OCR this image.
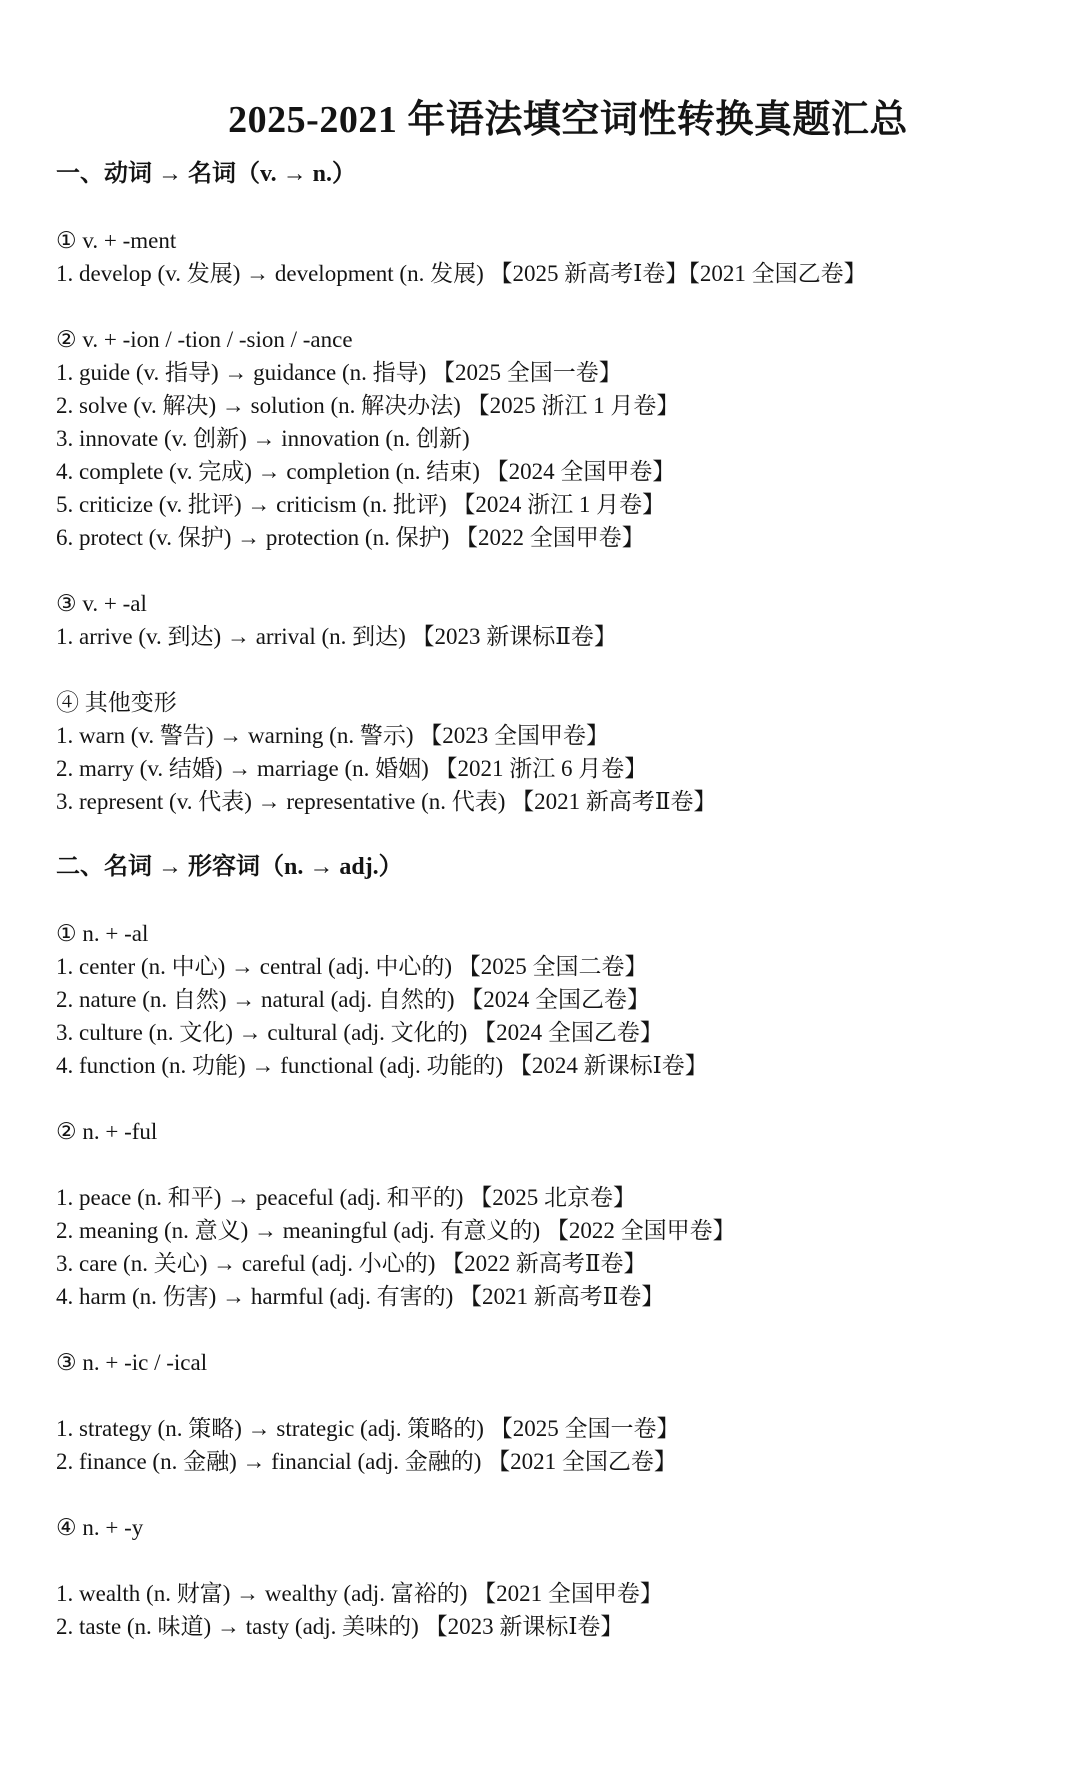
2025-2021 年语法填空词性转换真题汇总
一、动词 → 名词（v. → n.）
① v. + -ment
1. develop (v. 发展) → development (n. 发展) 【2025 新高考Ⅰ卷】【2021 全国乙卷】
② v. + -ion / -tion / -sion / -ance
1. guide (v. 指导) → guidance (n. 指导) 【2025 全国一卷】
2. solve (v. 解决) → solution (n. 解决办法) 【2025 浙江 1 月卷】
3. innovate (v. 创新) → innovation (n. 创新)
4. complete (v. 完成) → completion (n. 结束) 【2024 全国甲卷】
5. criticize (v. 批评) → criticism (n. 批评) 【2024 浙江 1 月卷】
6. protect (v. 保护) → protection (n. 保护) 【2022 全国甲卷】
③ v. + -al
1. arrive (v. 到达) → arrival (n. 到达) 【2023 新课标Ⅱ卷】
④ 其他变形
1. warn (v. 警告) → warning (n. 警示) 【2023 全国甲卷】
2. marry (v. 结婚) → marriage (n. 婚姻) 【2021 浙江 6 月卷】
3. represent (v. 代表) → representative (n. 代表) 【2021 新高考Ⅱ卷】
二、名词 → 形容词（n. → adj.）
① n. + -al
1. center (n. 中心) → central (adj. 中心的) 【2025 全国二卷】
2. nature (n. 自然) → natural (adj. 自然的) 【2024 全国乙卷】
3. culture (n. 文化) → cultural (adj. 文化的) 【2024 全国乙卷】
4. function (n. 功能) → functional (adj. 功能的) 【2024 新课标Ⅰ卷】
② n. + -ful
1. peace (n. 和平) → peaceful (adj. 和平的) 【2025 北京卷】
2. meaning (n. 意义) → meaningful (adj. 有意义的) 【2022 全国甲卷】
3. care (n. 关心) → careful (adj. 小心的) 【2022 新高考Ⅱ卷】
4. harm (n. 伤害) → harmful (adj. 有害的) 【2021 新高考Ⅱ卷】
③ n. + -ic / -ical
1. strategy (n. 策略) → strategic (adj. 策略的) 【2025 全国一卷】
2. finance (n. 金融) → financial (adj. 金融的) 【2021 全国乙卷】
④ n. + -y
1. wealth (n. 财富) → wealthy (adj. 富裕的) 【2021 全国甲卷】
2. taste (n. 味道) → tasty (adj. 美味的) 【2023 新课标Ⅰ卷】
